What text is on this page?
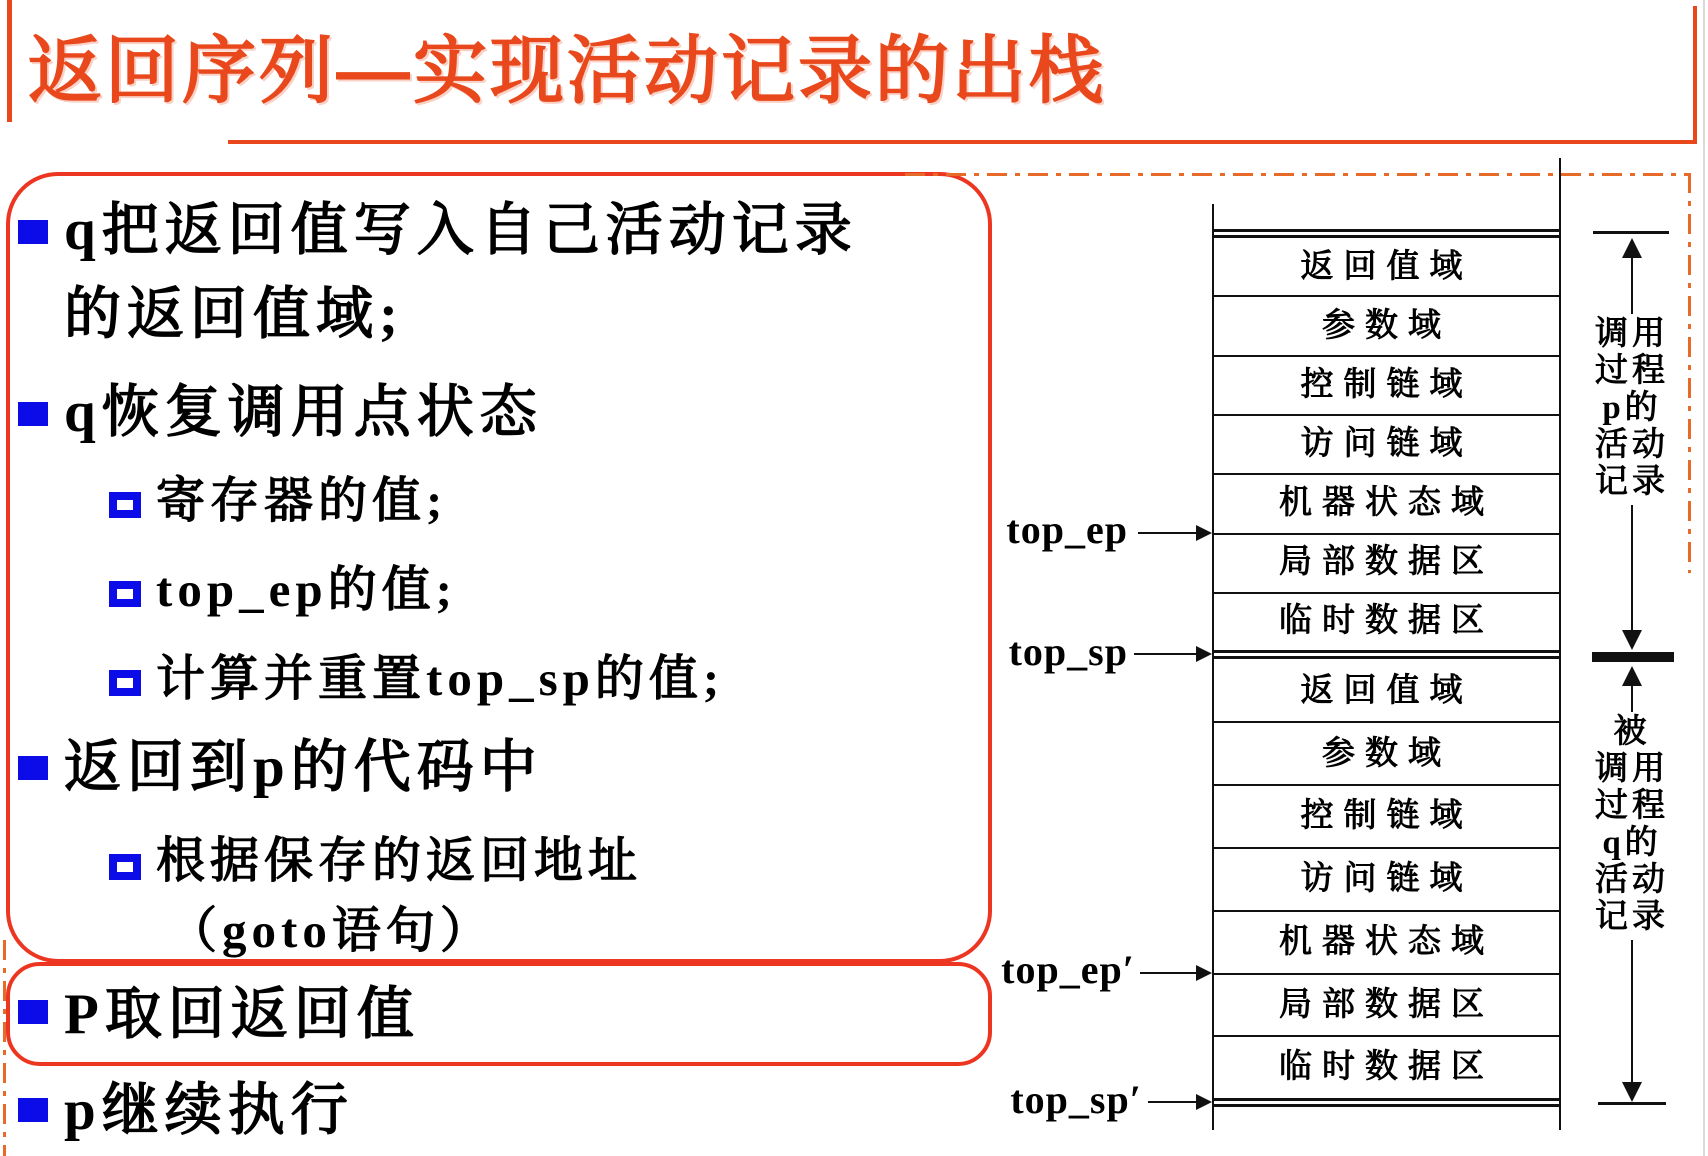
返回序列—实现活动记录的出栈
q把返回值写入自己活动记录
的返回值域;
q恢复调用点状态
寄存器的值;
top_ep的值;
计算并重置top_sp的值;
返回到p的代码中
根据保存的返回地址
（goto语句）
P取回返回值
p继续执行
返回值域
参数域
控制链域
访问链域
机器状态域
局部数据区
临时数据区
返回值域
参数域
控制链域
访问链域
机器状态域
局部数据区
临时数据区
top_ep
top_sp
top_ep′
top_sp′
调用
过程
p的
活动
记录
被
调用
过程
q的
活动
记录
